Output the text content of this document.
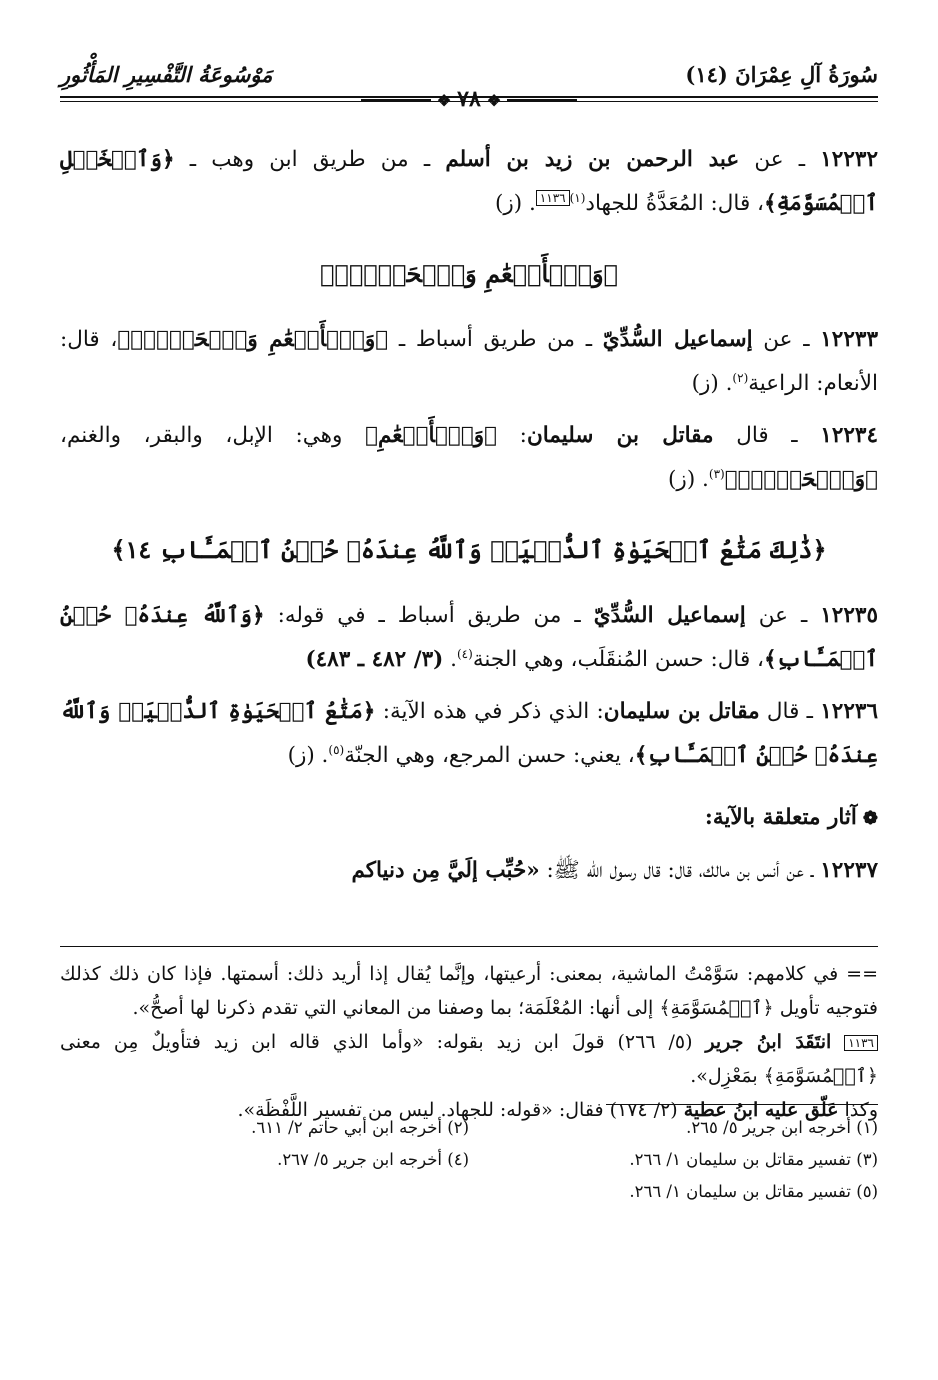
سُورَةُ آلِ عِمْرَانَ (١٤)
مَوْسُوعَةُ التَّفْسِيرِ المَأْثُورِ
❖٧٨❖

١٢٢٣٢ ـ عن عبد الرحمن بن زيد بن أسلم ـ من طريق ابن وهب ـ ﴿وَٱلۡخَيۡلِ ٱلۡمُسَوَّمَةِ﴾، قال: المُعَدَّةُ للجهاد$^{(١)}$١١٣٦. (ز)

﴿وَٱلۡأَنۡعَٰمِ وَٱلۡحَرۡثِۗ﴾

١٢٢٣٣ ـ عن إسماعيل السُّدِّيّ ـ من طريق أسباط ـ ﴿وَٱلۡأَنۡعَٰمِ وَٱلۡحَرۡثِۗ﴾، قال: الأنعام: الراعية$^{(٢)}$. (ز)

١٢٢٣٤ ـ قال مقاتل بن سليمان: ﴿وَٱلۡأَنۡعَٰمِ﴾ وهي: الإبل، والبقر، والغنم، ﴿وَٱلۡحَرۡثِۗ﴾$^{(٣)}$. (ز)

﴿ذَٰلِكَ مَتَٰعُ ٱلۡحَيَوٰةِ ٱلدُّنۡيَاۖ وَٱللَّهُ عِندَهُۥ حُسۡنُ ٱلۡمَـَٔابِ ١٤﴾

١٢٢٣٥ ـ عن إسماعيل السُّدِّيّ ـ من طريق أسباط ـ في قوله: ﴿وَٱللَّهُ عِندَهُۥ حُسۡنُ ٱلۡمَـَٔابِ﴾، قال: حسن المُنقَلَب، وهي الجنة$^{(٤)}$. (٣/ ٤٨٢ ـ ٤٨٣)

١٢٢٣٦ ـ قال مقاتل بن سليمان: الذي ذكر في هذه الآية: ﴿مَتَٰعُ ٱلۡحَيَوٰةِ ٱلدُّنۡيَاۖ وَٱللَّهُ عِندَهُۥ حُسۡنُ ٱلۡمَـَٔابِ﴾، يعني: حسن المرجع، وهي الجنّة$^{(٥)}$. (ز)

❁آثار متعلقة بالآية:

١٢٢٣٧ ـ عن أنس بن مالك، قال: قال رسول الله ﷺ: «حُبِّب إلَيَّ مِن دنياكم

== في كلامهم: سَوَّمْتُ الماشية، بمعنى: أرعيتها، وإنَّما يُقال إذا أريد ذلك: أسمتها. فإذا كان ذلك كذلك فتوجيه تأويل ﴿ٱلۡمُسَوَّمَةِ﴾ إلى أنها: المُعْلَمَة؛ بما وصفنا من المعاني التي تقدم ذكرنا لها أصحُّ».

١١٣٦ انتَقَدَ ابنُ جرير (٥/ ٢٦٦) قولَ ابن زيد بقوله: «وأما الذي قاله ابن زيد فتأويلٌ مِن معنى ﴿ٱلۡمُسَوَّمَةِ﴾ بمَعْزِل».

وكذا عَلّق عليه ابنُ عطية (٢/ ١٧٤) فقال: «قوله: للجهاد. ليس من تفسير اللَّفْظَة».

(١) أخرجه ابن جرير ٥/ ٢٦٥.
(٢) أخرجه ابن أبي حاتم ٢/ ٦١١.
(٣) تفسير مقاتل بن سليمان ١/ ٢٦٦.
(٤) أخرجه ابن جرير ٥/ ٢٦٧.
(٥) تفسير مقاتل بن سليمان ١/ ٢٦٦.
